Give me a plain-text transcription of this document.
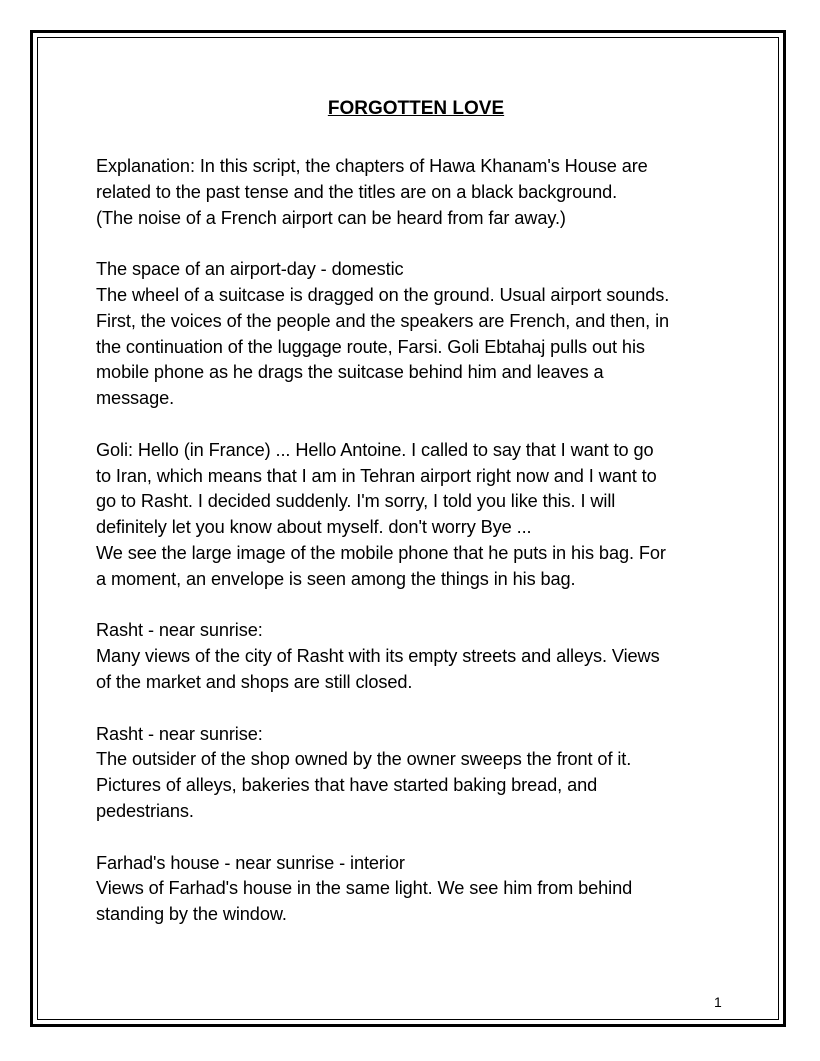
FORGOTTEN LOVE
Explanation: In this script, the chapters of Hawa Khanam's House are
related to the past tense and the titles are on a black background.
(The noise of a French airport can be heard from far away.)
The space of an airport-day - domestic
The wheel of a suitcase is dragged on the ground. Usual airport sounds.
First, the voices of the people and the speakers are French, and then, in
the continuation of the luggage route, Farsi. Goli Ebtahaj pulls out his
mobile phone as he drags the suitcase behind him and leaves a
message.
Goli: Hello (in France) ... Hello Antoine. I called to say that I want to go
to Iran, which means that I am in Tehran airport right now and I want to
go to Rasht. I decided suddenly. I'm sorry, I told you like this. I will
definitely let you know about myself. don't worry Bye ...
We see the large image of the mobile phone that he puts in his bag. For
a moment, an envelope is seen among the things in his bag.
Rasht - near sunrise:
Many views of the city of Rasht with its empty streets and alleys. Views
of the market and shops are still closed.
Rasht - near sunrise:
The outsider of the shop owned by the owner sweeps the front of it.
Pictures of alleys, bakeries that have started baking bread, and
pedestrians.
Farhad's house - near sunrise - interior
Views of Farhad's house in the same light. We see him from behind
standing by the window.
1
